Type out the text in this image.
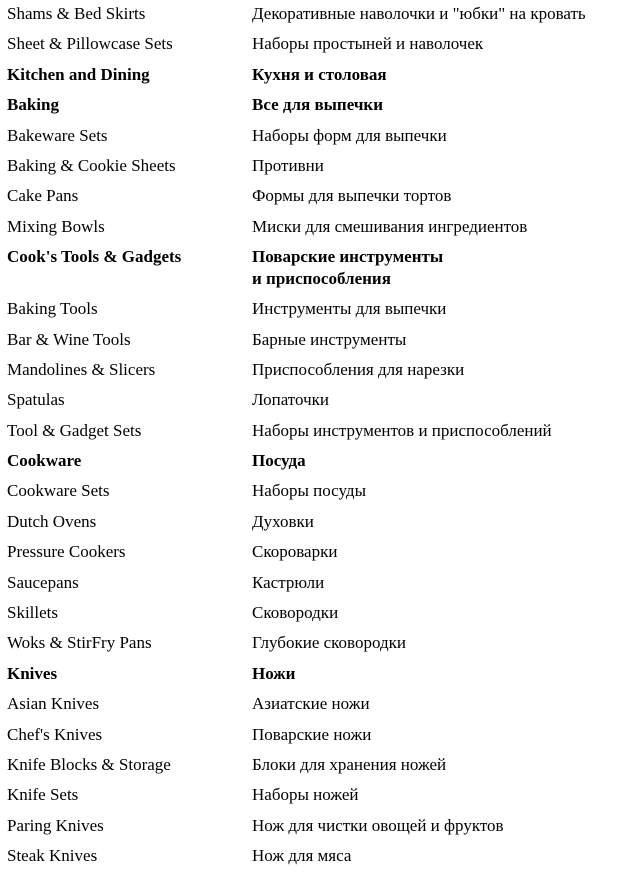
Shams & Bed Skirts	Декоративные наволочки и "юбки" на кровать
Sheet & Pillowcase Sets	Наборы простыней и наволочек
Kitchen and Dining	Кухня и столовая
Baking	Все для выпечки
Bakeware Sets	Наборы форм для выпечки
Baking & Cookie Sheets	Противни
Cake Pans	Формы для выпечки тортов
Mixing Bowls	Миски для смешивания ингредиентов
Cook's Tools & Gadgets	Поварские инструменты
и приспособления
Baking Tools	Инструменты для выпечки
Bar & Wine Tools	Барные инструменты
Mandolines & Slicers	Приспособления для нарезки
Spatulas	Лопаточки
Tool & Gadget Sets	Наборы инструментов и приспособлений
Cookware	Посуда
Cookware Sets	Наборы посуды
Dutch Ovens	Духовки
Pressure Cookers	Скороварки
Saucepans	Кастрюли
Skillets	Сковородки
Woks & StirFry Pans	Глубокие сковородки
Knives	Ножи
Asian Knives	Азиатские ножи
Chef's Knives	Поварские ножи
Knife Blocks & Storage	Блоки для хранения ножей
Knife Sets	Наборы ножей
Paring Knives	Нож для чистки овощей и фруктов
Steak Knives	Нож для мяса
